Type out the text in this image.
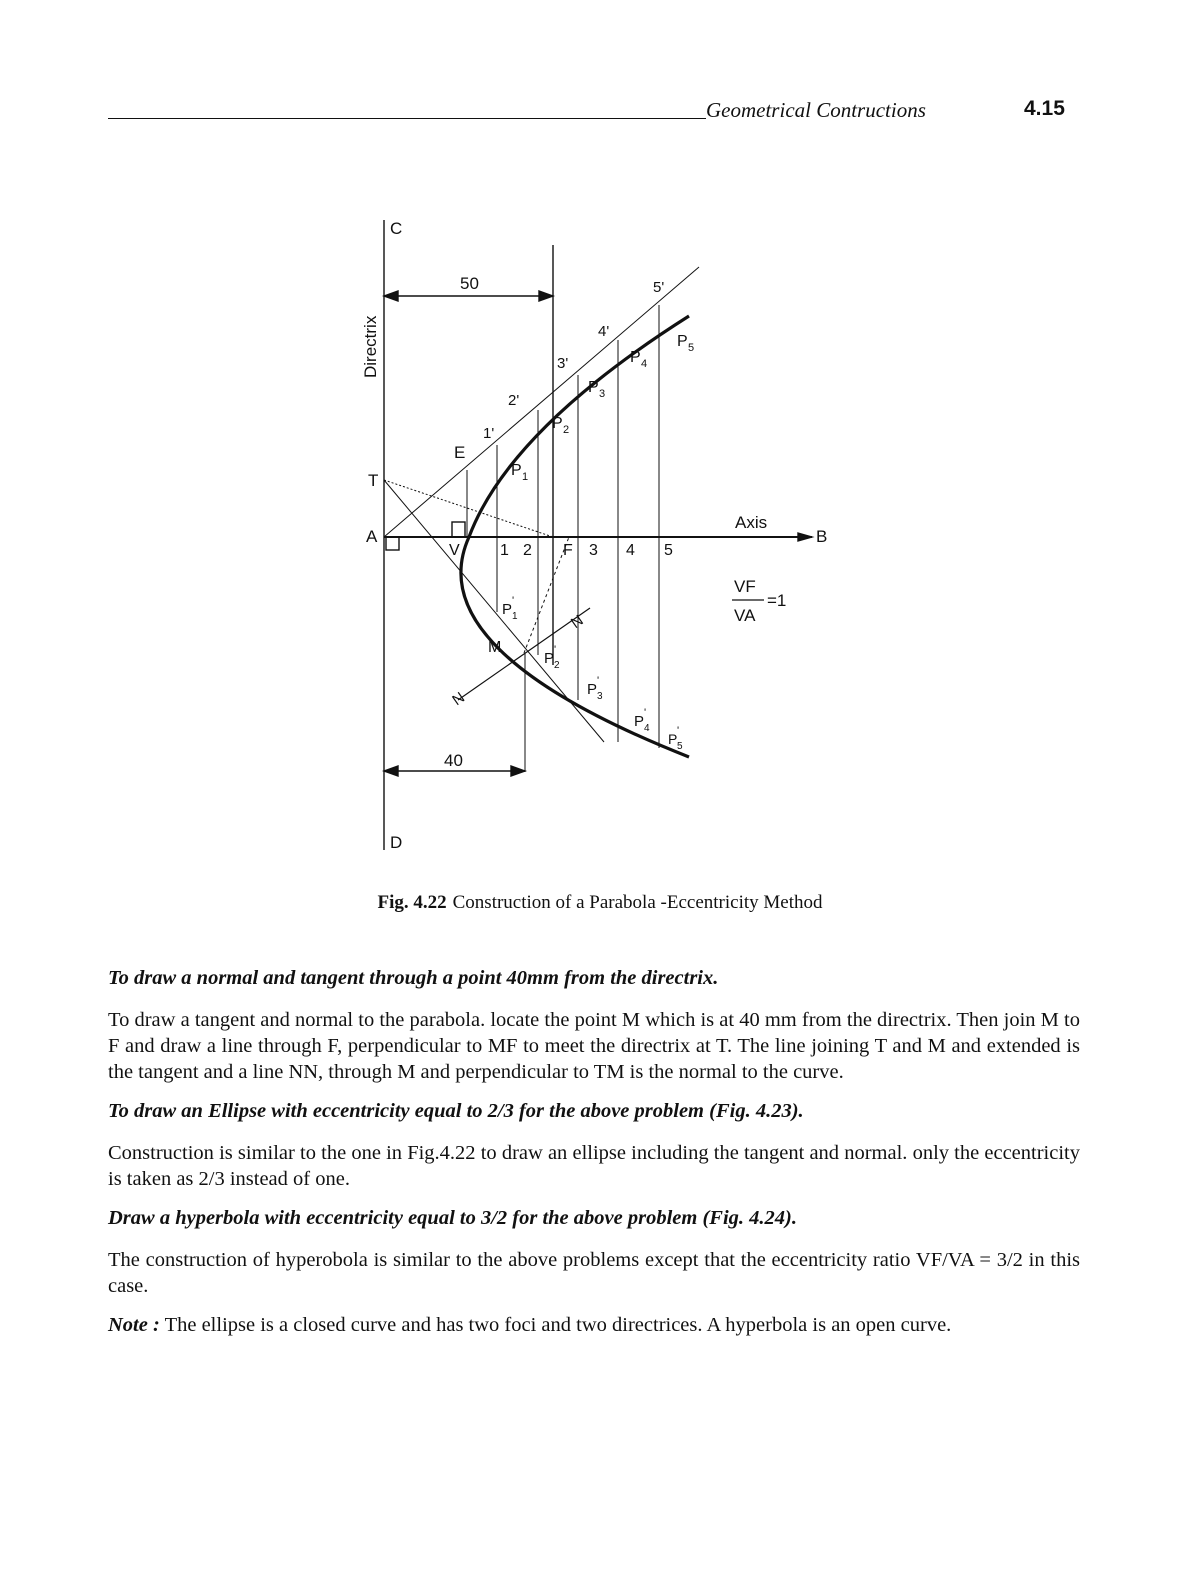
Geometrical Contructions	4.15
C
D
Directrix
50
40
A	B
T
E
V
Axis
F
1 2	3 4 5
1'
2'
3'
4'
5'
M
N
N
P 1
P 2
P 3
P 4
P 5
P 1
'
P 2
'
P 3
'
P 4
'
P 5
'
VF
VA
=1
Fig. 4.22 Construction of a Parabola -Eccentricity Method

To draw a normal and tangent through a point 40mm from the directrix.

To draw a tangent and normal to the parabola. locate the point M which is at 40 mm from the directrix. Then join M to F and draw a line through F, perpendicular to MF to meet the directrix at T. The line joining T and M and extended is the tangent and a line NN, through M and perpendicular to TM is the normal to the curve.

To draw an Ellipse with eccentricity equal to 2/3 for the above problem (Fig. 4.23).

Construction is similar to the one in Fig.4.22 to draw an ellipse including the tangent and normal. only the eccentricity is taken as 2/3 instead of one.

Draw a hyperbola with eccentricity equal to 3/2 for the above problem (Fig. 4.24).

The construction of hyperobola is similar to the above problems except that the eccentricity ratio VF/VA = 3/2 in this case.

Note : The ellipse is a closed curve and has two foci and two directrices. A hyperbola is an open curve.
